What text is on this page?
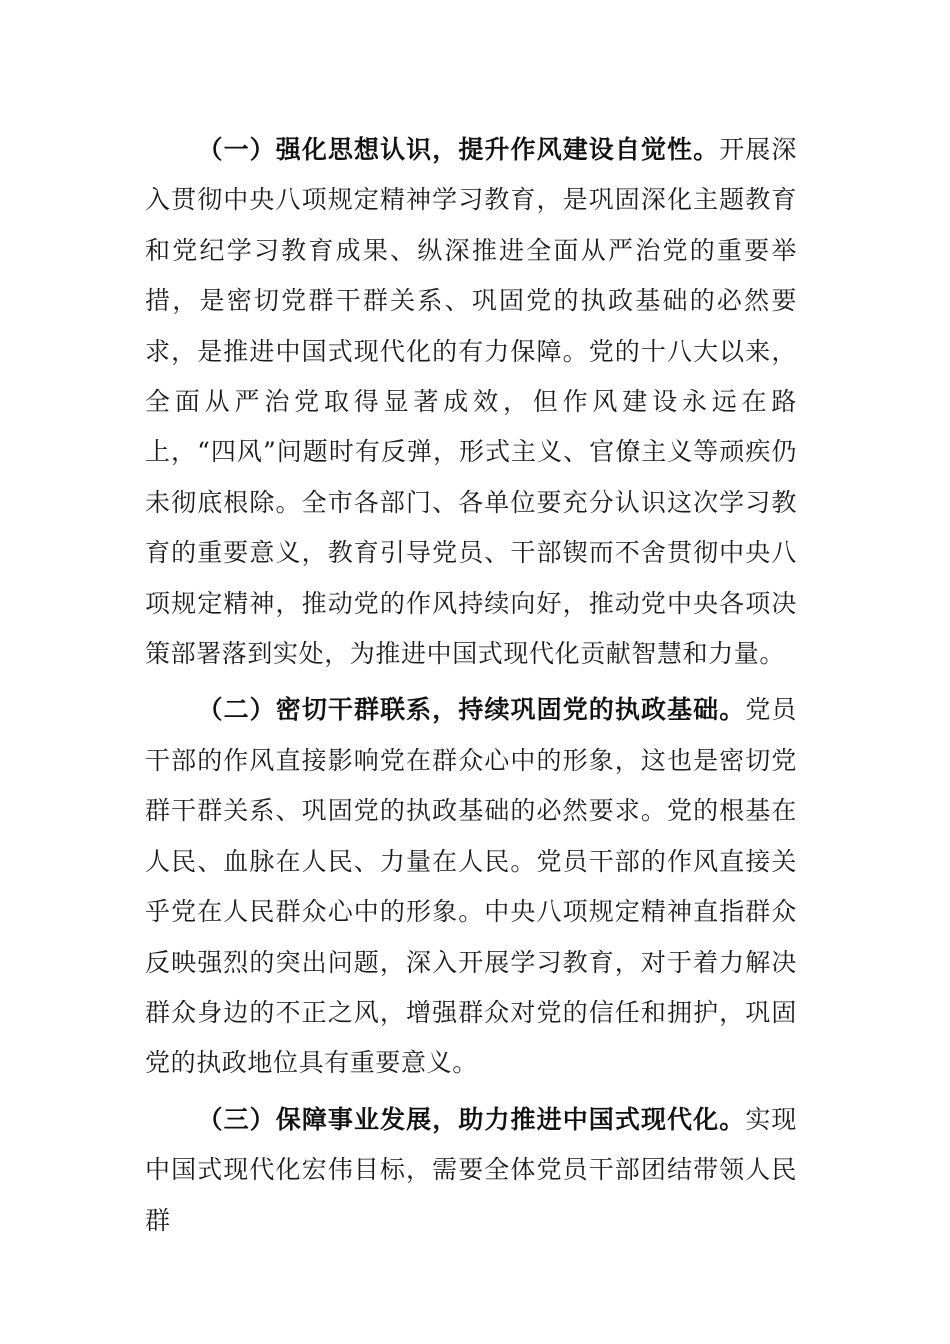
（一）强化思想认识，提升作风建设自觉性。开展深入贯彻中央八项规定精神学习教育，是巩固深化主题教育和党纪学习教育成果、纵深推进全面从严治党的重要举措，是密切党群干群关系、巩固党的执政基础的必然要求，是推进中国式现代化的有力保障。党的十八大以来，全面从严治党取得显著成效，但作风建设永远在路上，“四风”问题时有反弹，形式主义、官僚主义等顽疾仍未彻底根除。全市各部门、各单位要充分认识这次学习教育的重要意义，教育引导党员、干部锲而不舍贯彻中央八项规定精神，推动党的作风持续向好，推动党中央各项决策部署落到实处，为推进中国式现代化贡献智慧和力量。

（二）密切干群联系，持续巩固党的执政基础。党员干部的作风直接影响党在群众心中的形象，这也是密切党群干群关系、巩固党的执政基础的必然要求。党的根基在人民、血脉在人民、力量在人民。党员干部的作风直接关乎党在人民群众心中的形象。中央八项规定精神直指群众反映强烈的突出问题，深入开展学习教育，对于着力解决群众身边的不正之风，增强群众对党的信任和拥护，巩固党的执政地位具有重要意义。

（三）保障事业发展，助力推进中国式现代化。实现中国式现代化宏伟目标，需要全体党员干部团结带领人民群
